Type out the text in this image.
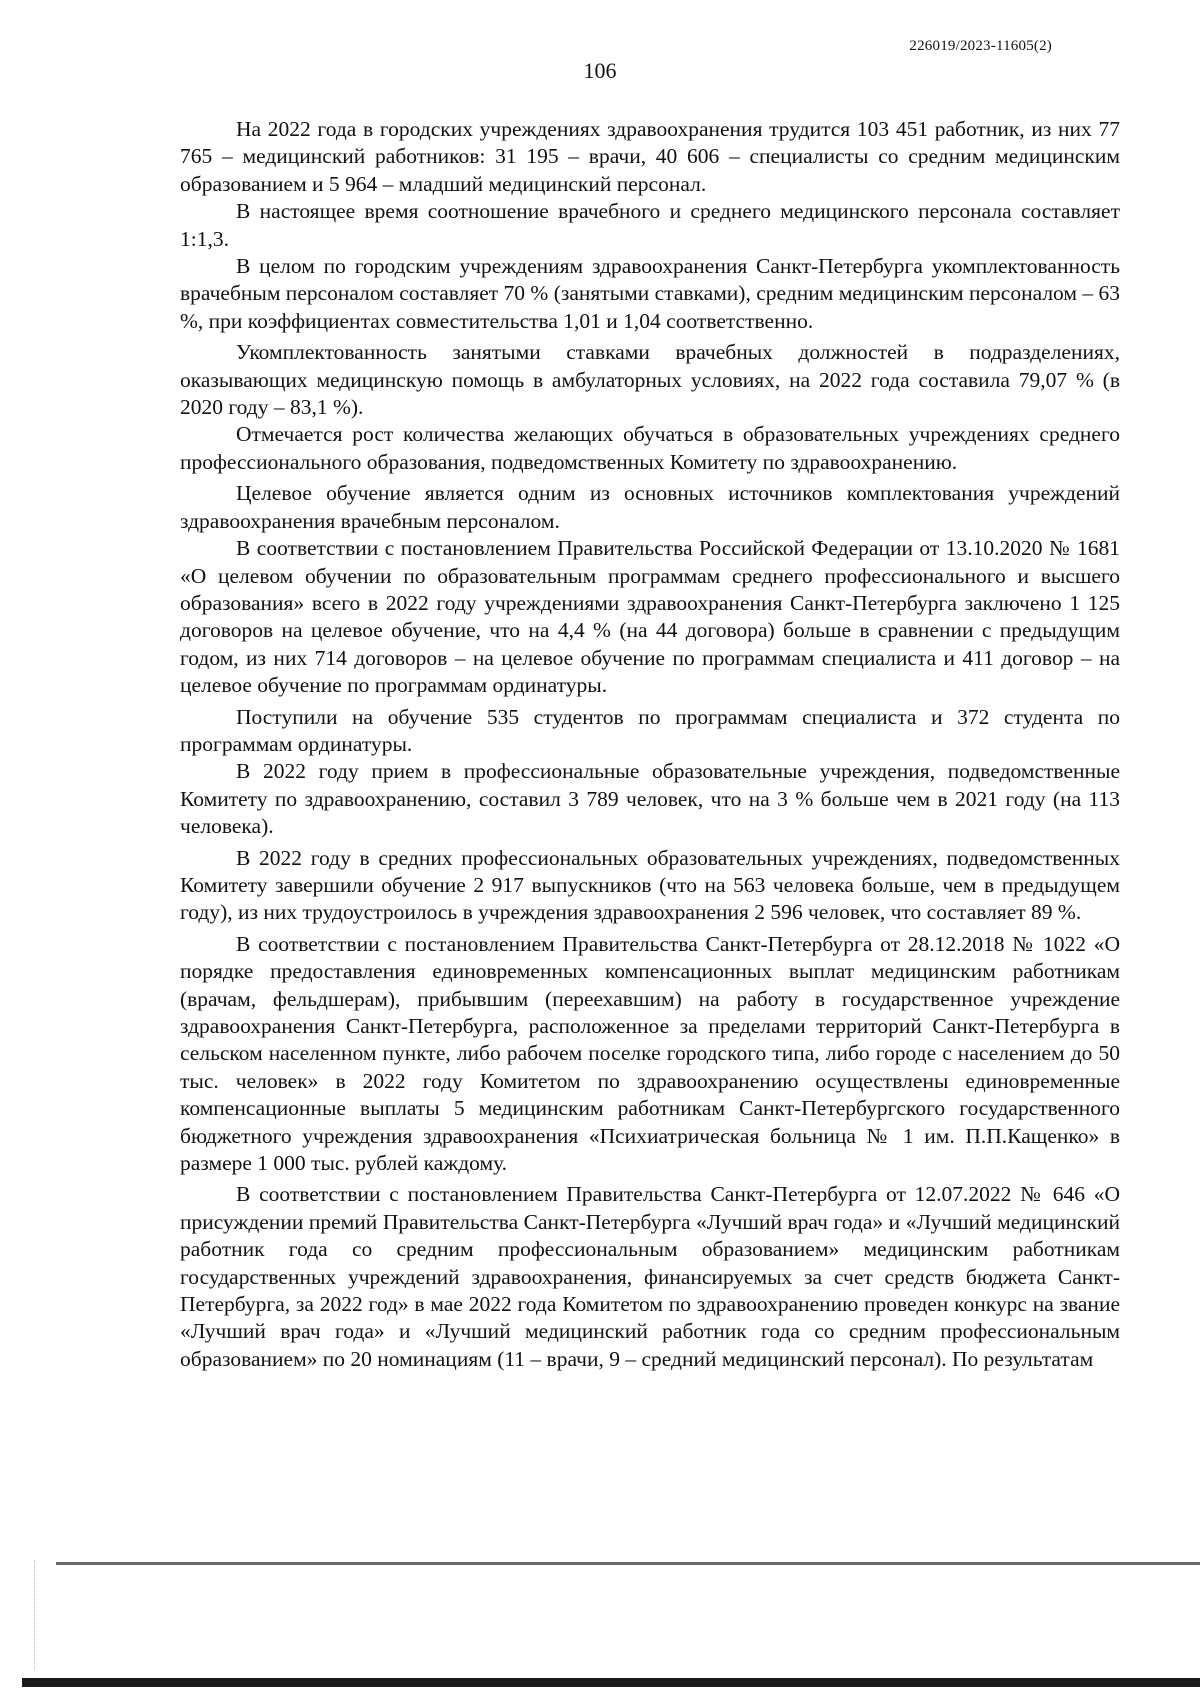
226019/2023-11605(2)
106

На 2022 года в городских учреждениях здравоохранения трудится 103 451 работник, из них 77 765 – медицинский работников: 31 195 – врачи, 40 606 – специалисты со средним медицинским образованием и 5 964 – младший медицинский персонал.

В настоящее время соотношение врачебного и среднего медицинского персонала составляет 1:1,3.

В целом по городским учреждениям здравоохранения Санкт-Петербурга укомплектованность врачебным персоналом составляет 70 % (занятыми ставками), средним медицинским персоналом – 63 %, при коэффициентах совместительства 1,01 и 1,04 соответственно.

Укомплектованность занятыми ставками врачебных должностей в подразделениях, оказывающих медицинскую помощь в амбулаторных условиях, на 2022 года составила 79,07 % (в 2020 году – 83,1 %).

Отмечается рост количества желающих обучаться в образовательных учреждениях среднего профессионального образования, подведомственных Комитету по здравоохранению.

Целевое обучение является одним из основных источников комплектования учреждений здравоохранения врачебным персоналом.

В соответствии с постановлением Правительства Российской Федерации от 13.10.2020 № 1681 «О целевом обучении по образовательным программам среднего профессионального и высшего образования» всего в 2022 году учреждениями здравоохранения Санкт-Петербурга заключено 1 125 договоров на целевое обучение, что на 4,4 % (на 44 договора) больше в сравнении с предыдущим годом, из них 714 договоров – на целевое обучение по программам специалиста и 411 договор – на целевое обучение по программам ординатуры.

Поступили на обучение 535 студентов по программам специалиста и 372 студента по программам ординатуры.

В 2022 году прием в профессиональные образовательные учреждения, подведомственные Комитету по здравоохранению, составил 3 789 человек, что на 3 % больше чем в 2021 году (на 113 человека).

В 2022 году в средних профессиональных образовательных учреждениях, подведомственных Комитету завершили обучение 2 917 выпускников (что на 563 человека больше, чем в предыдущем году), из них трудоустроилось в учреждения здравоохранения 2 596 человек, что составляет 89 %.

В соответствии с постановлением Правительства Санкт-Петербурга от 28.12.2018 № 1022 «О порядке предоставления единовременных компенсационных выплат медицинским работникам (врачам, фельдшерам), прибывшим (переехавшим) на работу в государственное учреждение здравоохранения Санкт-Петербурга, расположенное за пределами территорий Санкт-Петербурга в сельском населенном пункте, либо рабочем поселке городского типа, либо городе с населением до 50 тыс. человек» в 2022 году Комитетом по здравоохранению осуществлены единовременные компенсационные выплаты 5 медицинским работникам Санкт-Петербургского государственного бюджетного учреждения здравоохранения «Психиатрическая больница № 1 им. П.П.Кащенко» в размере 1 000 тыс. рублей каждому.

В соответствии с постановлением Правительства Санкт-Петербурга от 12.07.2022 № 646 «О присуждении премий Правительства Санкт-Петербурга «Лучший врач года» и «Лучший медицинский работник года со средним профессиональным образованием» медицинским работникам государственных учреждений здравоохранения, финансируемых за счет средств бюджета Санкт-Петербурга, за 2022 год» в мае 2022 года Комитетом по здравоохранению проведен конкурс на звание «Лучший врач года» и «Лучший медицинский работник года со средним профессиональным образованием» по 20 номинациям (11 – врачи, 9 – средний медицинский персонал). По результатам
